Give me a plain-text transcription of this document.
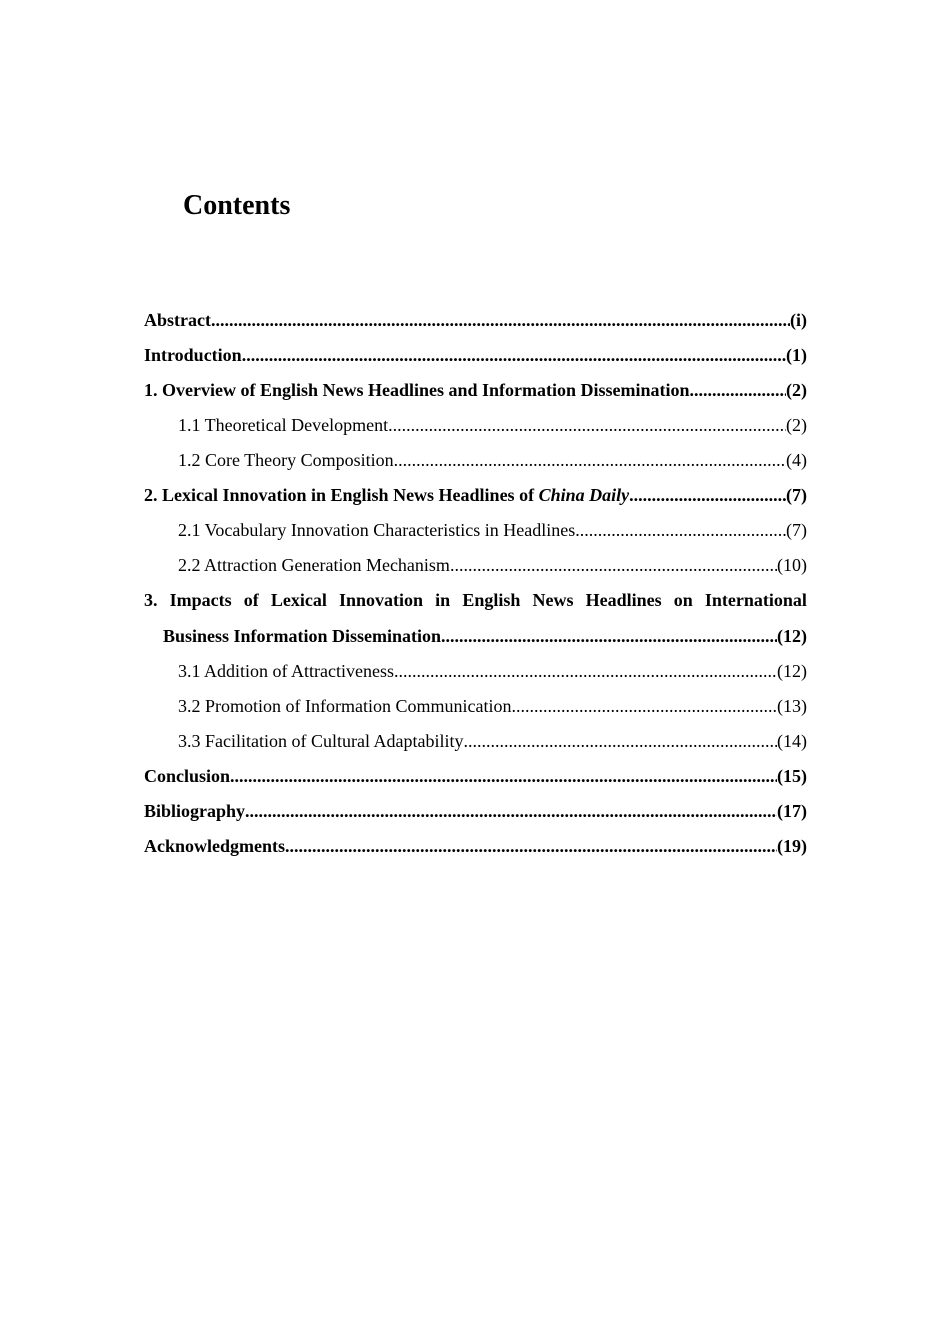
Contents
Abstract .....	(i)
Introduction .....	(1)
1. Overview of English News Headlines and Information Dissemination .....	(2)
1.1 Theoretical Development .....	(2)
1.2 Core Theory Composition .....	(4)
2. Lexical Innovation in English News Headlines of China Daily .....	(7)
2.1 Vocabulary Innovation Characteristics in Headlines .....	(7)
2.2 Attraction Generation Mechanism .....	(10)
3. Impacts of Lexical Innovation in English News Headlines on International
Business Information Dissemination .....	(12)
3.1 Addition of Attractiveness .....	(12)
3.2 Promotion of Information Communication .....	(13)
3.3 Facilitation of Cultural Adaptability .....	(14)
Conclusion .....	(15)
Bibliography .....	(17)
Acknowledgments .....	(19)
